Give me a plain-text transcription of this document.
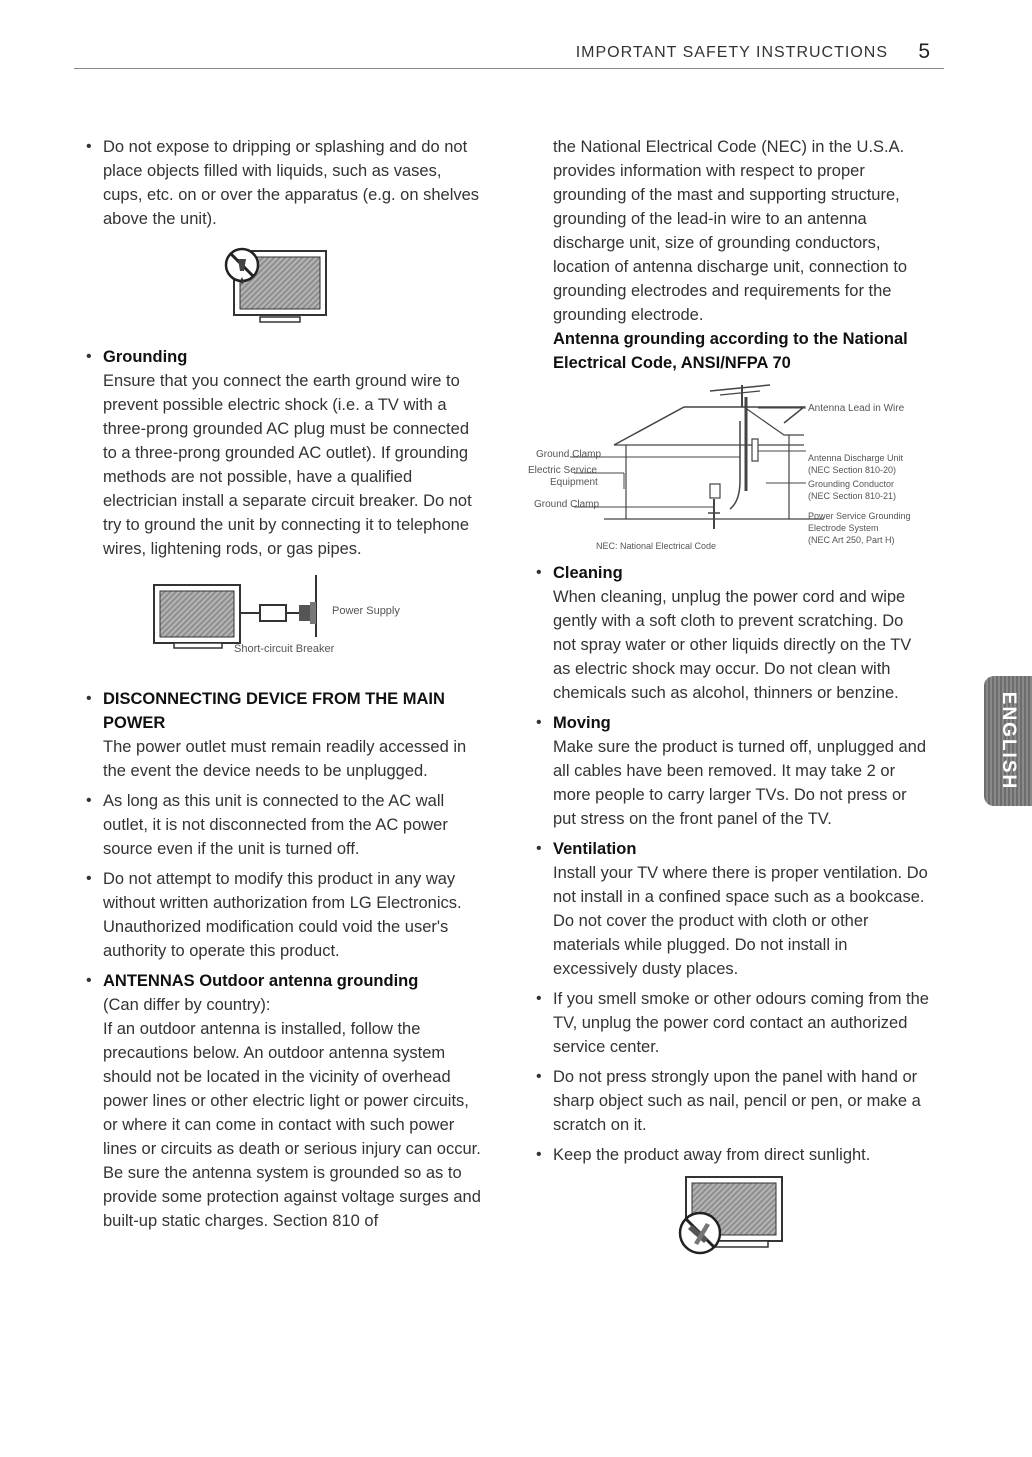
IMPORTANT SAFETY INSTRUCTIONS 5
• Do not expose to dripping or splashing and do not place objects filled with liquids, such as vases, cups, etc. on or over the apparatus (e.g. on shelves above the unit).

• Grounding

Ensure that you connect the earth ground wire to prevent possible electric shock (i.e. a TV with a three-prong grounded AC plug must be connected to a three-prong grounded AC outlet). If grounding methods are not possible, have a qualified electrician install a separate circuit breaker. Do not try to ground the unit by connecting it to telephone wires, lightening rods, or gas pipes.

Power Supply
Short-circuit Breaker
• DISCONNECTING DEVICE FROM THE MAIN POWER

The power outlet must remain readily accessed in the event the device needs to be unplugged.

• As long as this unit is connected to the AC wall outlet, it is not disconnected from the AC power source even if the unit is turned off.

• Do not attempt to modify this product in any way without written authorization from LG Electronics. Unauthorized modification could void the user's authority to operate this product.

• ANTENNAS Outdoor antenna grounding

(Can differ by country):

If an outdoor antenna is installed, follow the precautions below. An outdoor antenna system should not be located in the vicinity of overhead power lines or other electric light or power circuits, or where it can come in contact with such power lines or circuits as death or serious injury can occur. Be sure the antenna system is grounded so as to provide some protection against voltage surges and built-up static charges. Section 810 of

the National Electrical Code (NEC) in the U.S.A. provides information with respect to proper grounding of the mast and supporting structure, grounding of the lead-in wire to an antenna discharge unit, size of grounding conductors, location of antenna discharge unit, connection to grounding electrodes and requirements for the grounding electrode.

Antenna grounding according to the National Electrical Code, ANSI/NFPA 70

Antenna Lead in Wire
Ground Clamp
Electric Service
Equipment
Ground Clamp
Antenna Discharge Unit
(NEC Section 810-20)
Grounding Conductor
(NEC Section 810-21)
Power Service Grounding
Electrode System
(NEC Art 250, Part H)
NEC: National Electrical Code
• Cleaning

When cleaning, unplug the power cord and wipe gently with a soft cloth to prevent scratching. Do not spray water or other liquids directly on the TV as electric shock may occur. Do not clean with chemicals such as alcohol, thinners or benzine.

• Moving

Make sure the product is turned off, unplugged and all cables have been removed. It may take 2 or more people to carry larger TVs. Do not press or put stress on the front panel of the TV.

• Ventilation

Install your TV where there is proper ventilation. Do not install in a confined space such as a bookcase. Do not cover the product with cloth or other materials while plugged. Do not install in excessively dusty places.

• If you smell smoke or other odours coming from the TV, unplug the power cord contact an authorized service center.

• Do not press strongly upon the panel with hand or sharp object such as nail, pencil or pen, or make a scratch on it.

• Keep the product away from direct sunlight.

ENGLISH
